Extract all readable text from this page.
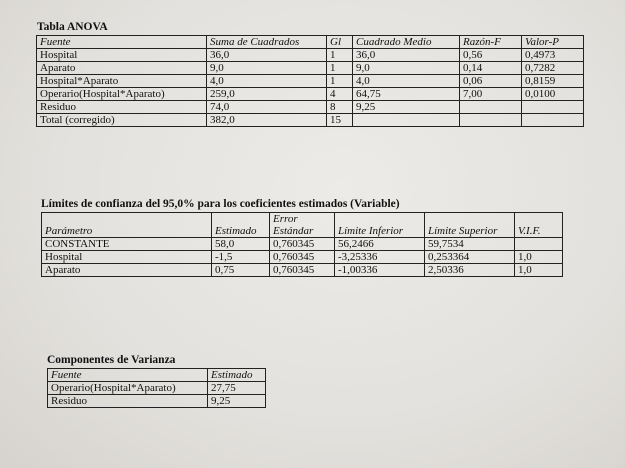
Tabla ANOVA
Fuente	Suma de Cuadrados	Gl	Cuadrado Medio	Razón-F	Valor-P
Hospital	36,0	1	36,0	0,56	0,4973
Aparato	9,0	1	9,0	0,14	0,7282
Hospital*Aparato	4,0	1	4,0	0,06	0,8159
Operario(Hospital*Aparato)	259,0	4	64,75	7,00	0,0100
Residuo	74,0	8	9,25		
Total (corregido)	382,0	15			
Límites de confianza del 95,0% para los coeficientes estimados (Variable)
		Error			
Parámetro	Estimado	Estándar	Límite Inferior	Límite Superior	V.I.F.
CONSTANTE	58,0	0,760345	56,2466	59,7534	
Hospital	-1,5	0,760345	-3,25336	0,253364	1,0
Aparato	0,75	0,760345	-1,00336	2,50336	1,0
Componentes de Varianza
Fuente	Estimado
Operario(Hospital*Aparato)	27,75
Residuo	9,25
